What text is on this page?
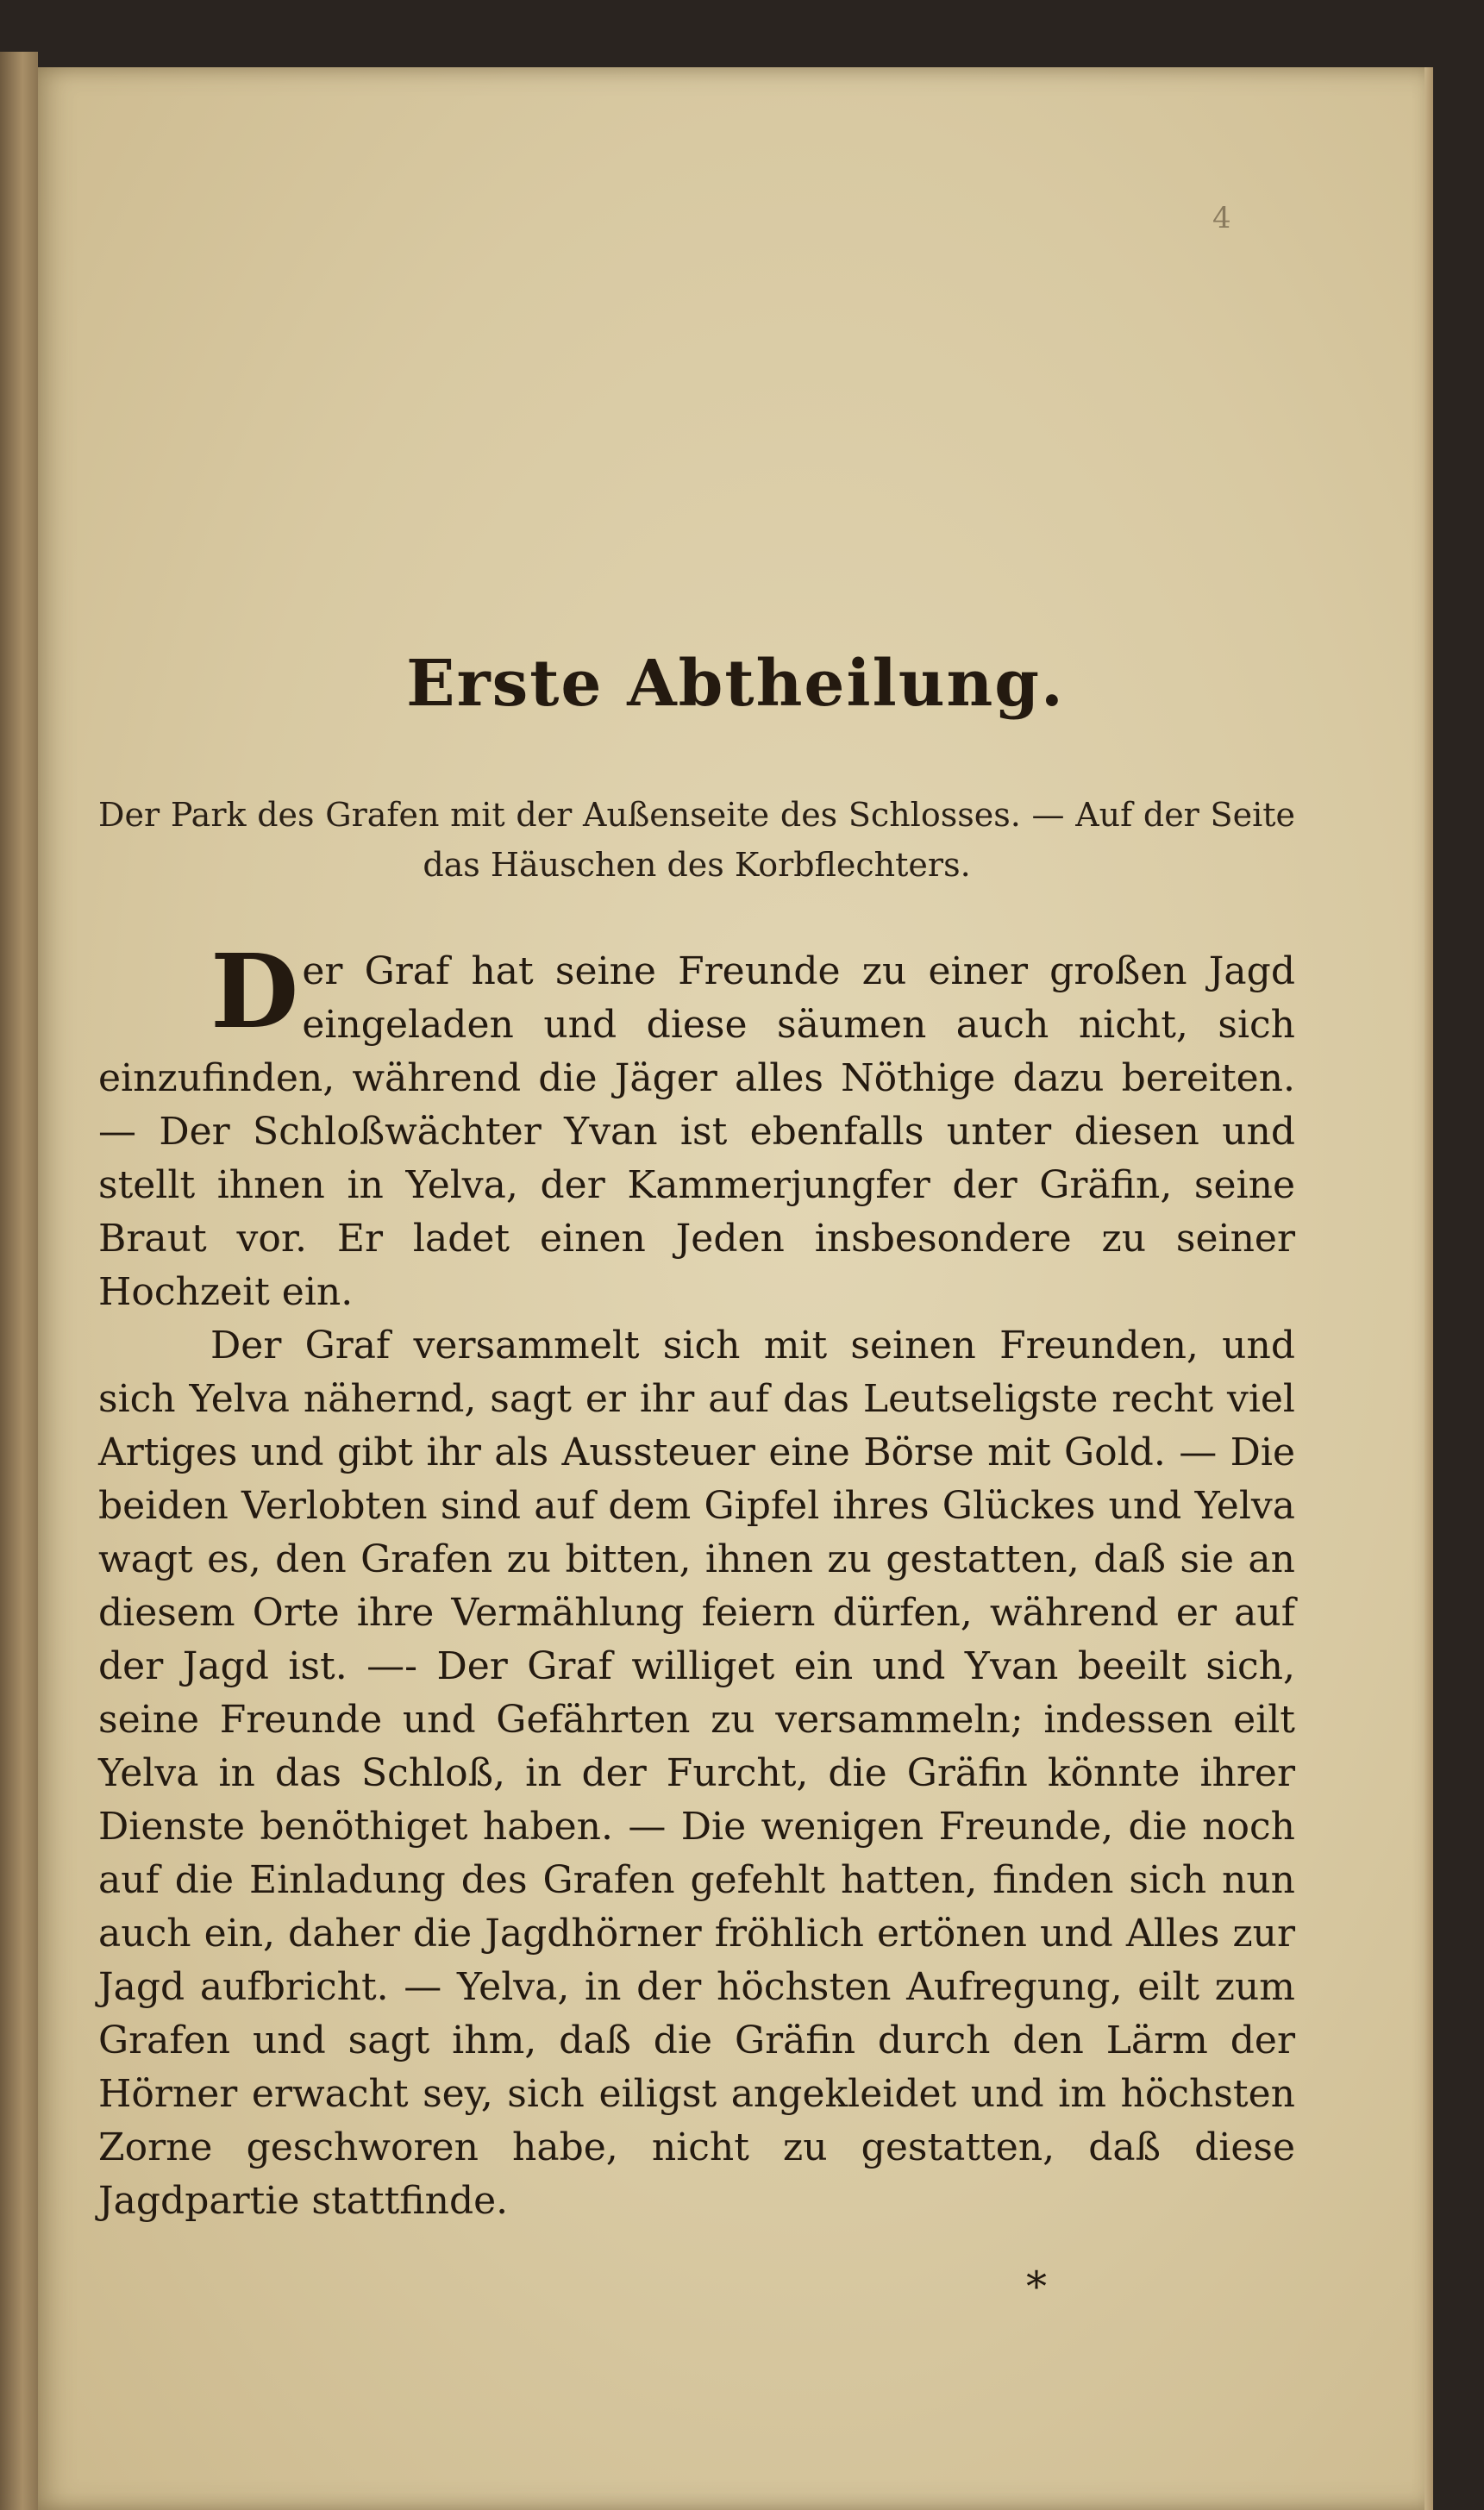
4
Erste Abtheilung.
Der Park des Grafen mit der Außenseite des Schlosses. — Auf der Seite das Häuschen des Korbflechters.

Der Graf hat seine Freunde zu einer großen Jagd eingeladen und diese säumen auch nicht, sich einzufinden, während die Jäger alles Nöthige dazu bereiten. — Der Schloßwächter Yvan ist ebenfalls unter diesen und stellt ihnen in Yelva, der Kammerjungfer der Gräfin, seine Braut vor. Er ladet einen Jeden insbesondere zu seiner Hochzeit ein.

Der Graf versammelt sich mit seinen Freunden, und sich Yelva nähernd, sagt er ihr auf das Leutseligste recht viel Artiges und gibt ihr als Aussteuer eine Börse mit Gold. — Die beiden Verlobten sind auf dem Gipfel ihres Glückes und Yelva wagt es, den Grafen zu bitten, ihnen zu gestatten, daß sie an diesem Orte ihre Vermählung feiern dürfen, während er auf der Jagd ist. —- Der Graf williget ein und Yvan beeilt sich, seine Freunde und Gefährten zu versammeln; indessen eilt Yelva in das Schloß, in der Furcht, die Gräfin könnte ihrer Dienste benöthiget haben. — Die wenigen Freunde, die noch auf die Einladung des Grafen gefehlt hatten, finden sich nun auch ein, daher die Jagdhörner fröhlich ertönen und Alles zur Jagd aufbricht. — Yelva, in der höchsten Aufregung, eilt zum Grafen und sagt ihm, daß die Gräfin durch den Lärm der Hörner erwacht sey, sich eiligst angekleidet und im höchsten Zorne geschworen habe, nicht zu gestatten, daß diese Jagdpartie stattfinde.

*
